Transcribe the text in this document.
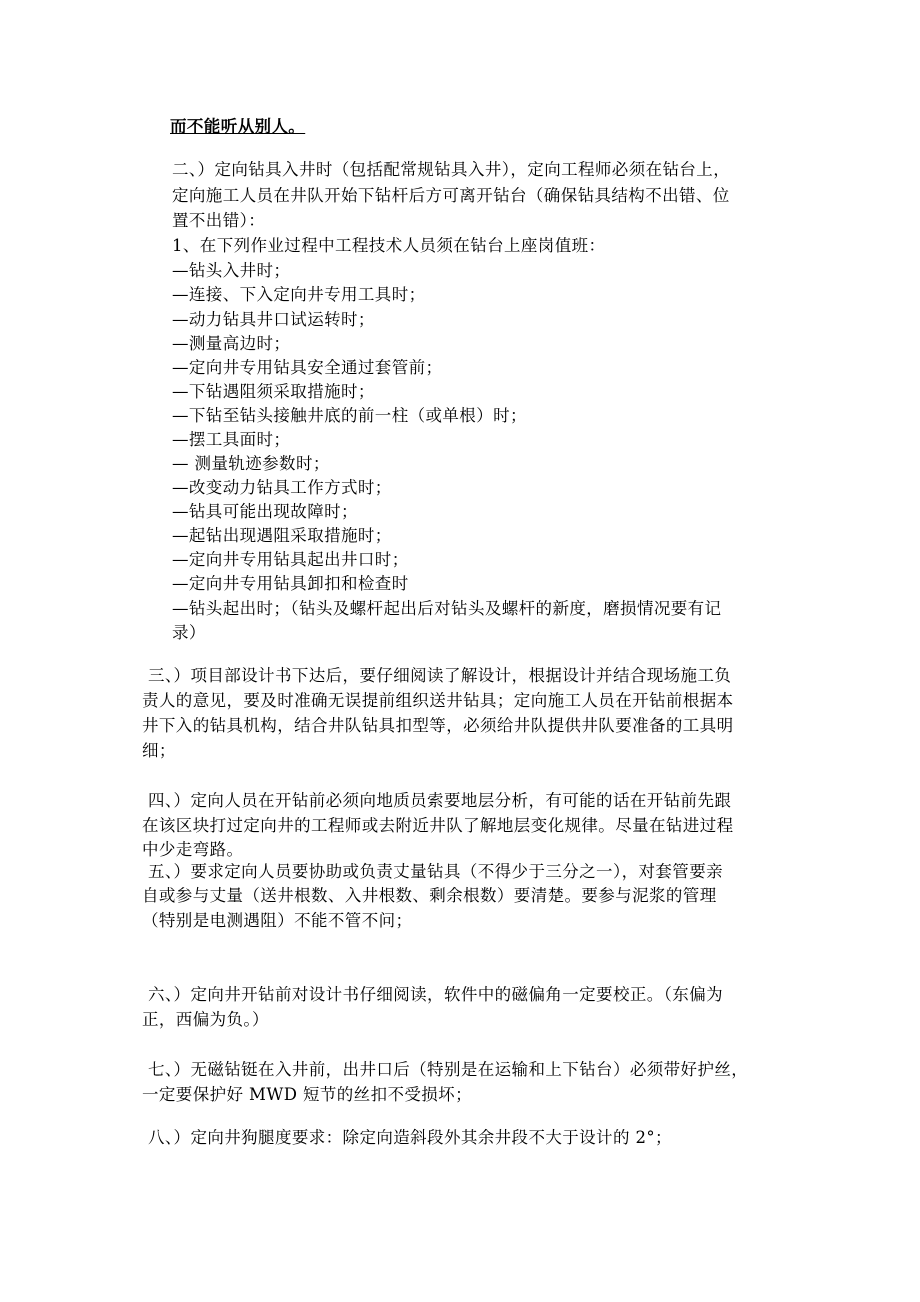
而不能听从别人。
二、）定向钻具入井时（包括配常规钻具入井），定向工程师必须在钻台上，
定向施工人员在井队开始下钻杆后方可离开钻台（确保钻具结构不出错、位
置不出错）：
1、在下列作业过程中工程技术人员须在钻台上座岗值班：
—钻头入井时；
—连接、下入定向井专用工具时；
—动力钻具井口试运转时；
—测量高边时；
—定向井专用钻具安全通过套管前；
—下钻遇阻须采取措施时；
—下钻至钻头接触井底的前一柱（或单根）时；
—摆工具面时；
— 测量轨迹参数时；
—改变动力钻具工作方式时；
—钻具可能出现故障时；
—起钻出现遇阻采取措施时；
—定向井专用钻具起出井口时；
—定向井专用钻具卸扣和检查时
—钻头起出时；（钻头及螺杆起出后对钻头及螺杆的新度，磨损情况要有记
录）
三、）项目部设计书下达后，要仔细阅读了解设计，根据设计并结合现场施工负
责人的意见，要及时准确无误提前组织送井钻具；定向施工人员在开钻前根据本
井下入的钻具机构，结合井队钻具扣型等，必须给井队提供井队要准备的工具明
细；
四、）定向人员在开钻前必须向地质员索要地层分析，有可能的话在开钻前先跟
在该区块打过定向井的工程师或去附近井队了解地层变化规律。尽量在钻进过程
中少走弯路。
五、）要求定向人员要协助或负责丈量钻具（不得少于三分之一），对套管要亲
自或参与丈量（送井根数、入井根数、剩余根数）要清楚。要参与泥浆的管理
（特别是电测遇阻）不能不管不问；
六、）定向井开钻前对设计书仔细阅读，软件中的磁偏角一定要校正。（东偏为
正，西偏为负。）
七、）无磁钻铤在入井前，出井口后（特别是在运输和上下钻台）必须带好护丝，
一定要保护好 MWD 短节的丝扣不受损坏；
八、）定向井狗腿度要求：除定向造斜段外其余井段不大于设计的 2°；
